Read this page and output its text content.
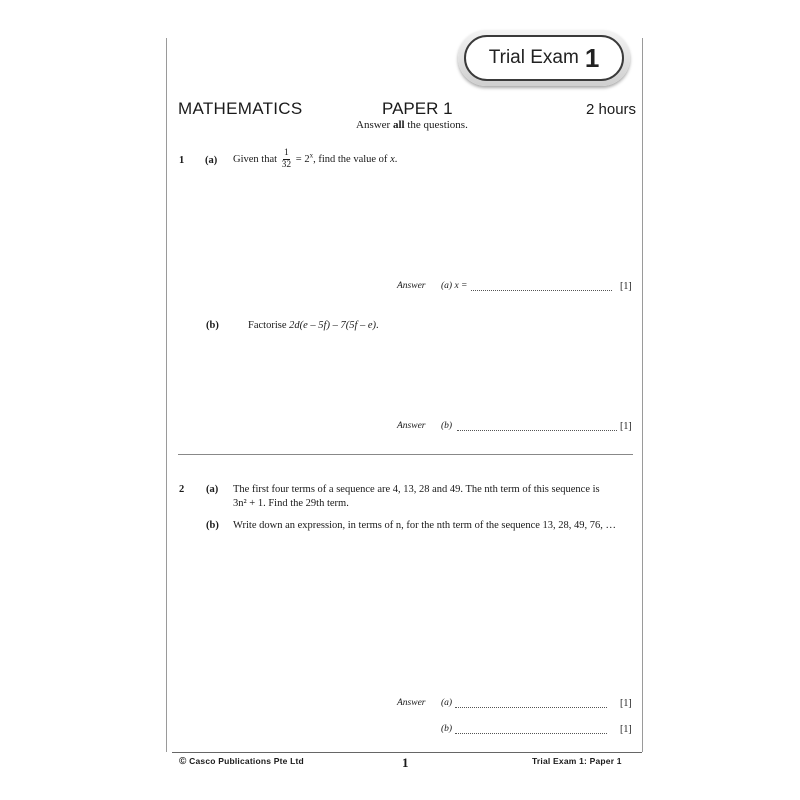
Trial Exam 1
MATHEMATICS	PAPER 1	2 hours
Answer all the questions.
1 (a) Given that $\frac{1}{32} = 2^x$, find the value of x.
Answer (a) x =	[1]
(b)	Factorise 2d(e – 5f) – 7(5f – e).
Answer (b)	[1]
2 (a) The first four terms of a sequence are 4, 13, 28 and 49. The nth term of this sequence is
3n² + 1. Find the 29th term.
(b) Write down an expression, in terms of n, for the nth term of the sequence 13, 28, 49, 76, …
Answer (a)	[1]
(b)	[1]
© Casco Publications Pte Ltd	1	Trial Exam 1: Paper 1
